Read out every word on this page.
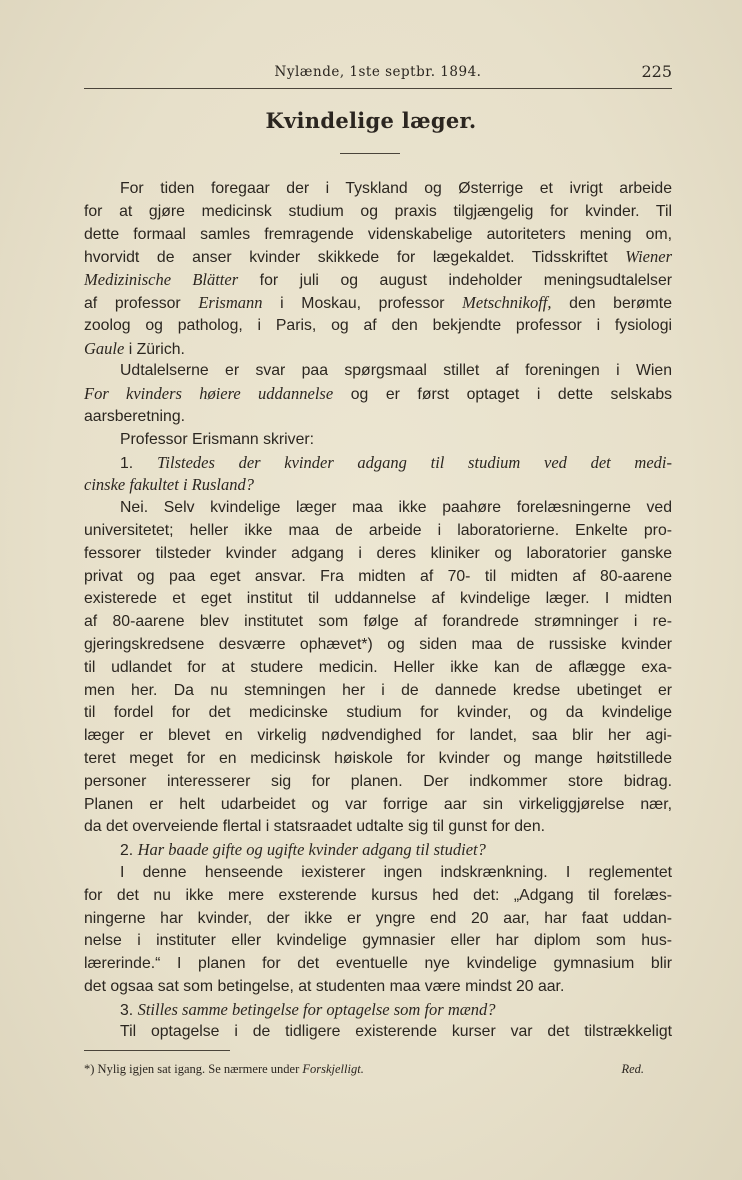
Nylænde, 1ste septbr. 1894.	225
Kvindelige læger.
For tiden foregaar der i Tyskland og Østerrige et ivrigt arbeide
for at gjøre medicinsk studium og praxis tilgjængelig for kvinder. Til
dette formaal samles fremragende videnskabelige autoriteters mening om,
hvorvidt de anser kvinder skikkede for lægekaldet. Tidsskriftet Wiener
Medizinische Blätter for juli og august indeholder meningsudtalelser
af professor Erismann i Moskau, professor Metschnikoff, den berømte
zoolog og patholog, i Paris, og af den bekjendte professor i fysiologi
Gaule i Zürich.
Udtalelserne er svar paa spørgsmaal stillet af foreningen i Wien
For kvinders høiere uddannelse og er først optaget i dette selskabs
aarsberetning.
Professor Erismann skriver:
1. Tilstedes der kvinder adgang til studium ved det medi-
cinske fakultet i Rusland?
Nei. Selv kvindelige læger maa ikke paahøre forelæsningerne ved
universitetet; heller ikke maa de arbeide i laboratorierne. Enkelte pro-
fessorer tilsteder kvinder adgang i deres kliniker og laboratorier ganske
privat og paa eget ansvar. Fra midten af 70- til midten af 80-aarene
existerede et eget institut til uddannelse af kvindelige læger. I midten
af 80-aarene blev institutet som følge af forandrede strømninger i re-
gjeringskredsene desværre ophævet*) og siden maa de russiske kvinder
til udlandet for at studere medicin. Heller ikke kan de aflægge exa-
men her. Da nu stemningen her i de dannede kredse ubetinget er
til fordel for det medicinske studium for kvinder, og da kvindelige
læger er blevet en virkelig nødvendighed for landet, saa blir her agi-
teret meget for en medicinsk høiskole for kvinder og mange høitstillede
personer interesserer sig for planen. Der indkommer store bidrag.
Planen er helt udarbeidet og var forrige aar sin virkeliggjørelse nær,
da det overveiende flertal i statsraadet udtalte sig til gunst for den.
2. Har baade gifte og ugifte kvinder adgang til studiet?
I denne henseende iexisterer ingen indskrænkning. I reglementet
for det nu ikke mere exsterende kursus hed det: „Adgang til forelæs-
ningerne har kvinder, der ikke er yngre end 20 aar, har faat uddan-
nelse i instituter eller kvindelige gymnasier eller har diplom som hus-
lærerinde.“ I planen for det eventuelle nye kvindelige gymnasium blir
det ogsaa sat som betingelse, at studenten maa være mindst 20 aar.
3. Stilles samme betingelse for optagelse som for mænd?
Til optagelse i de tidligere existerende kurser var det tilstrækkeligt
*) Nylig igjen sat igang. Se nærmere under Forskjelligt.	Red.
